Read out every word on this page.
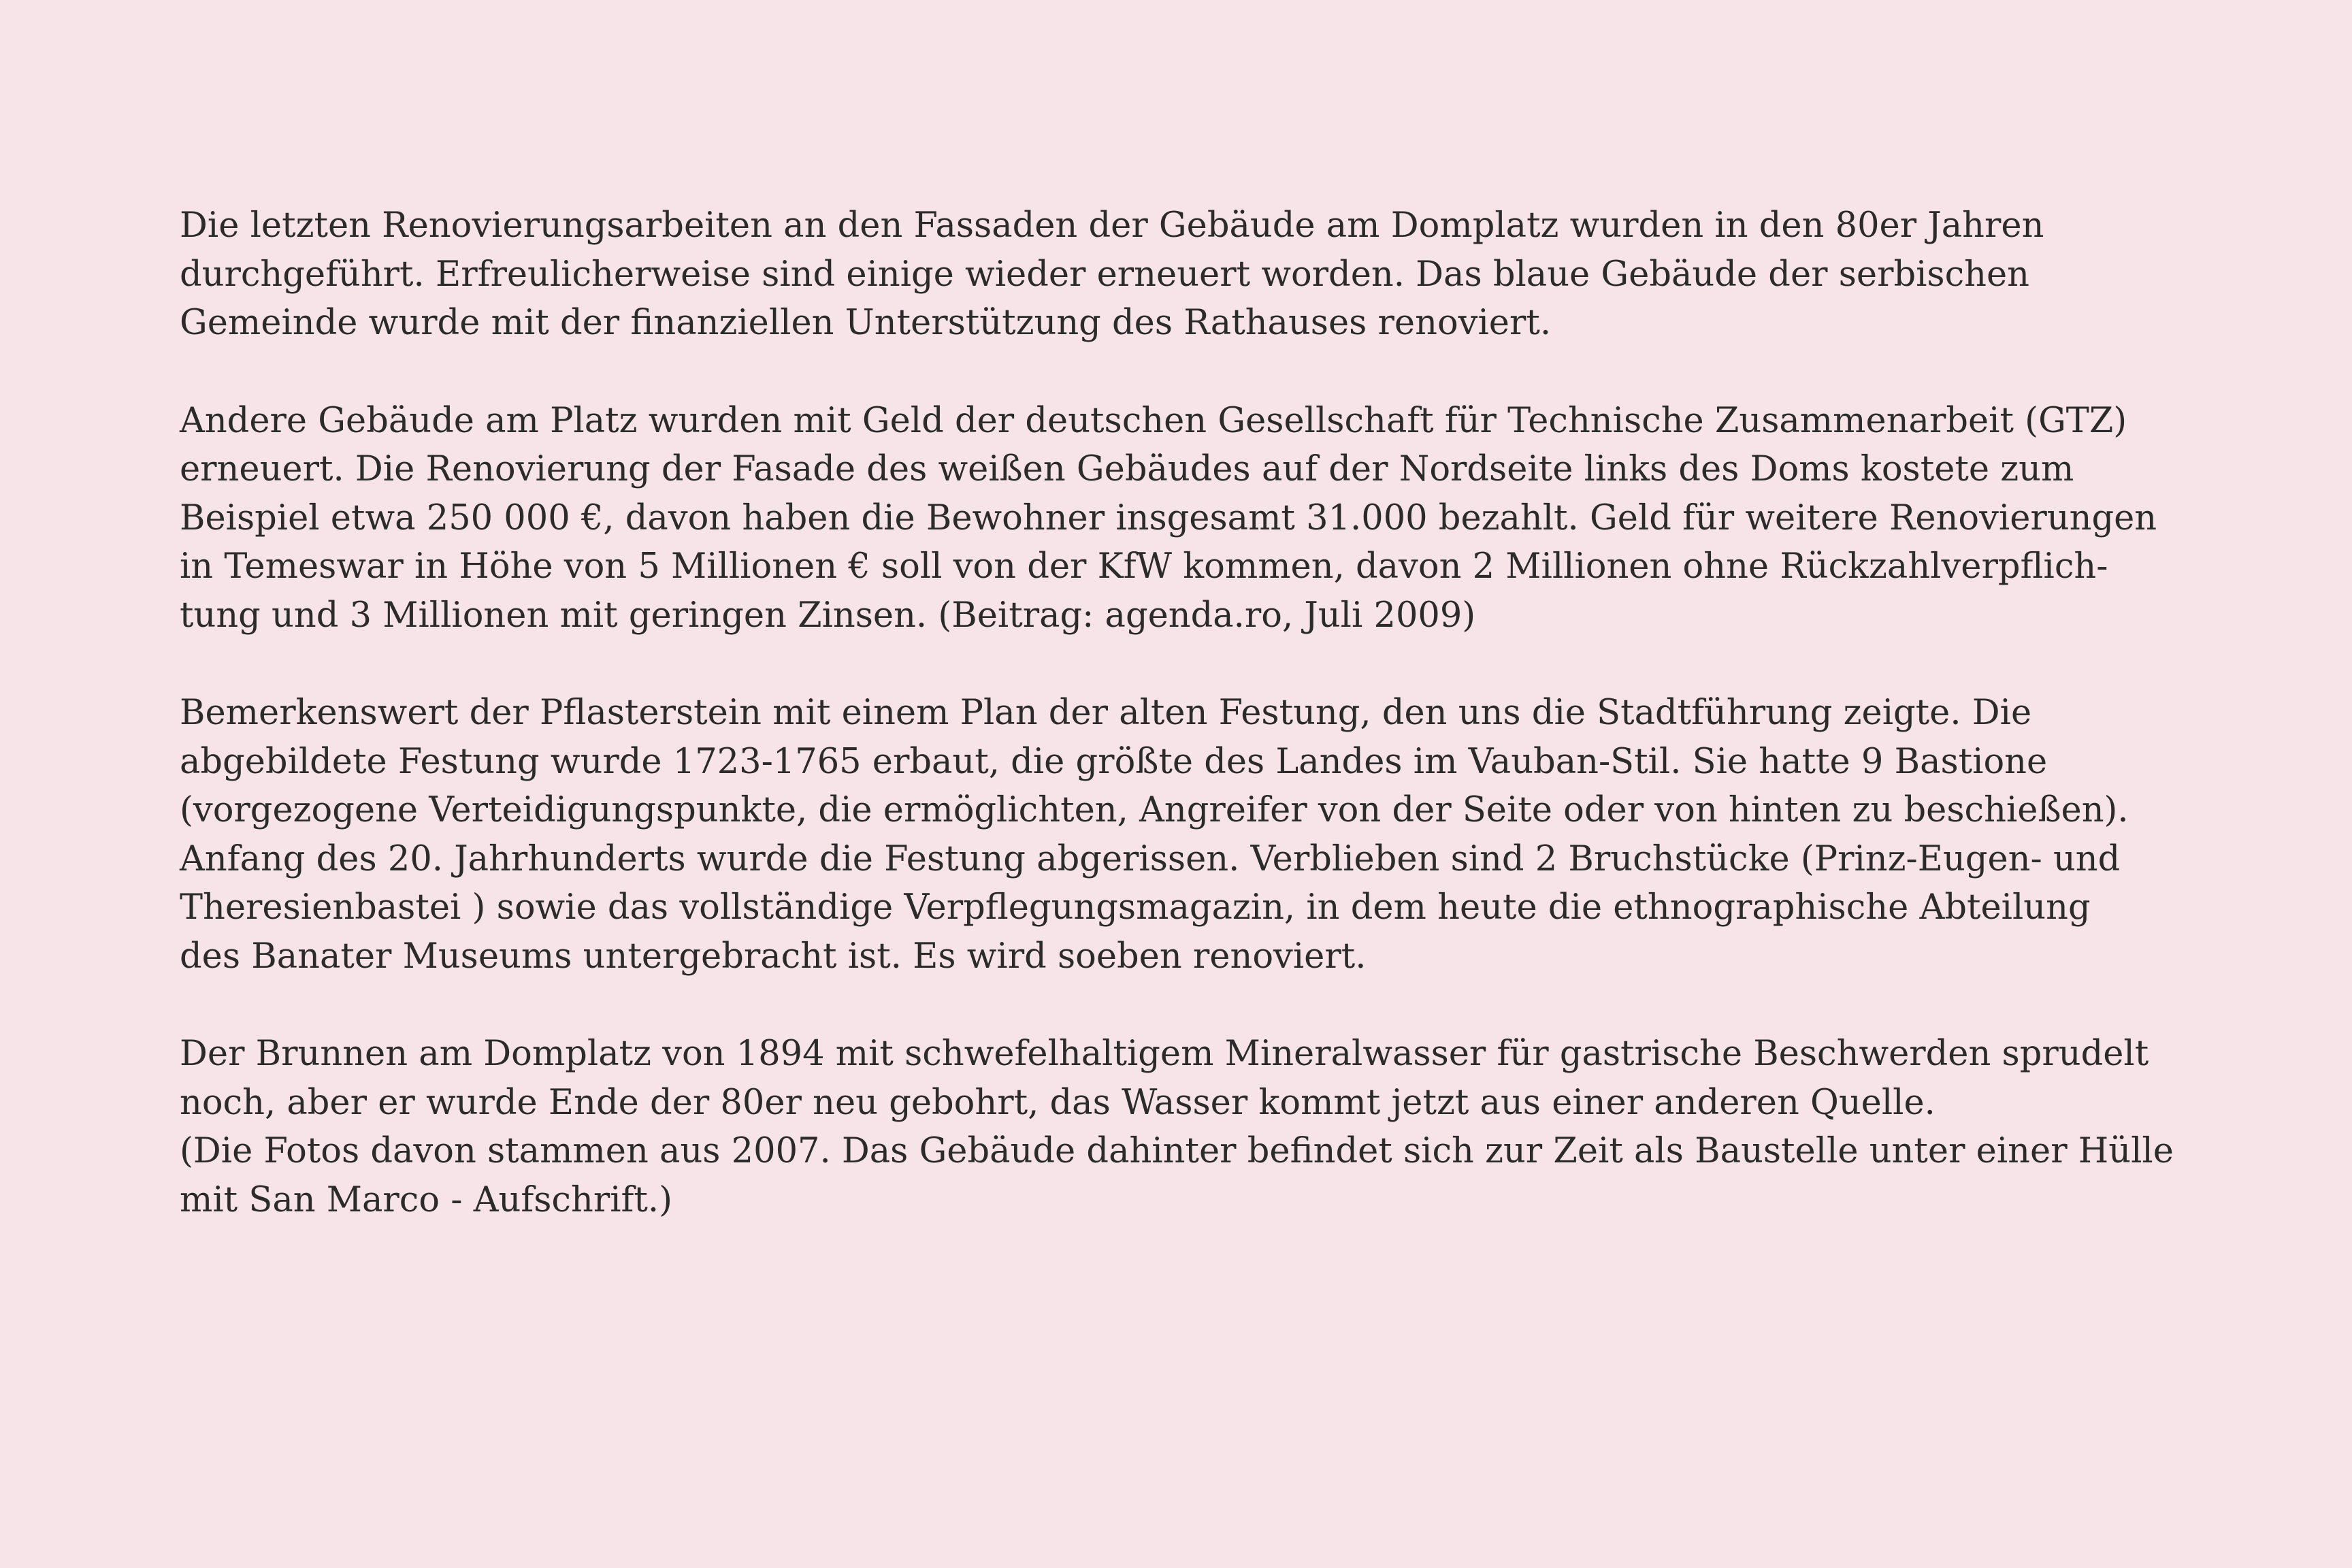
Die letzten Renovierungsarbeiten an den Fassaden der Gebäude am Domplatz wurden in den 80er Jahren
durchgeführt. Erfreulicherweise sind einige wieder erneuert worden. Das blaue Gebäude der serbischen
Gemeinde wurde mit der finanziellen Unterstützung des Rathauses renoviert.

Andere Gebäude am Platz wurden mit Geld der deutschen Gesellschaft für Technische Zusammenarbeit (GTZ)
erneuert. Die Renovierung der Fasade des weißen Gebäudes auf der Nordseite links des Doms kostete zum
Beispiel etwa 250 000 €, davon haben die Bewohner insgesamt 31.000 bezahlt. Geld für weitere Renovierungen
in Temeswar in Höhe von 5 Millionen € soll von der KfW kommen, davon 2 Millionen ohne Rückzahlverpflich-
tung und 3 Millionen mit geringen Zinsen. (Beitrag: agenda.ro, Juli 2009)

Bemerkenswert der Pflasterstein mit einem Plan der alten Festung, den uns die Stadtführung zeigte. Die
abgebildete Festung wurde 1723-1765 erbaut, die größte des Landes im Vauban-Stil. Sie hatte 9 Bastione
(vorgezogene Verteidigungspunkte, die ermöglichten, Angreifer von der Seite oder von hinten zu beschießen).
Anfang des 20. Jahrhunderts wurde die Festung abgerissen. Verblieben sind 2 Bruchstücke (Prinz-Eugen- und
Theresienbastei ) sowie das vollständige Verpflegungsmagazin, in dem heute die ethnographische Abteilung
des Banater Museums untergebracht ist. Es wird soeben renoviert.

Der Brunnen am Domplatz von 1894 mit schwefelhaltigem Mineralwasser für gastrische Beschwerden sprudelt
noch, aber er wurde Ende der 80er neu gebohrt, das Wasser kommt jetzt aus einer anderen Quelle.
(Die Fotos davon stammen aus 2007. Das Gebäude dahinter befindet sich zur Zeit als Baustelle unter einer Hülle
mit San Marco - Aufschrift.)
